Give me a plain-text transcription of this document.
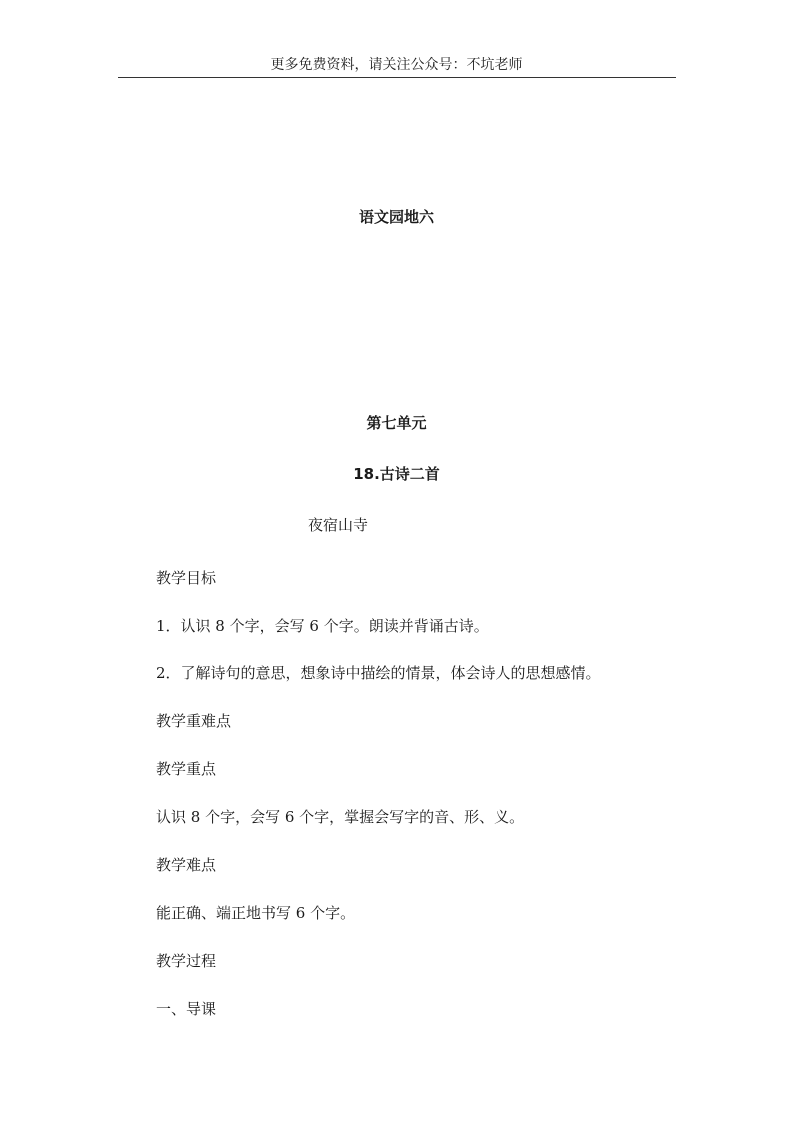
更多免费资料，请关注公众号：不坑老师
语文园地六
第七单元
18.古诗二首
夜宿山寺
教学目标
1．认识 8 个字，会写 6 个字。朗读并背诵古诗。
2．了解诗句的意思，想象诗中描绘的情景，体会诗人的思想感情。
教学重难点
教学重点
认识 8 个字，会写 6 个字，掌握会写字的音、形、义。
教学难点
能正确、端正地书写 6 个字。
教学过程
一、导课
